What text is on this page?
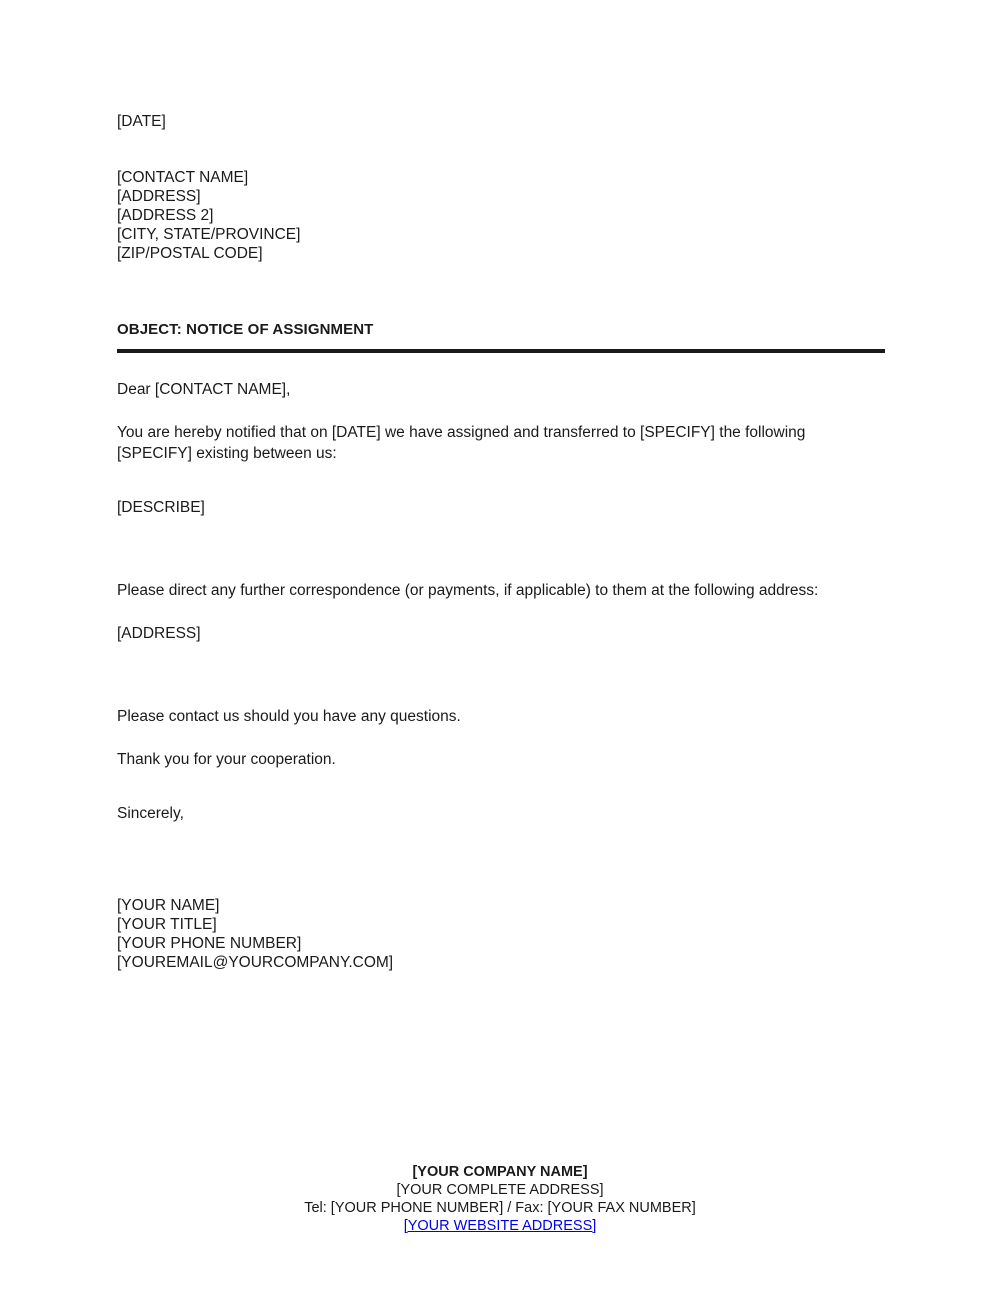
[DATE]
[CONTACT NAME]
[ADDRESS]
[ADDRESS 2]
[CITY, STATE/PROVINCE]
[ZIP/POSTAL CODE]
OBJECT: NOTICE OF ASSIGNMENT
Dear [CONTACT NAME],
You are hereby notified that on [DATE] we have assigned and transferred to [SPECIFY] the following [SPECIFY] existing between us:
[DESCRIBE]
Please direct any further correspondence (or payments, if applicable) to them at the following address:
[ADDRESS]
Please contact us should you have any questions.
Thank you for your cooperation.
Sincerely,
[YOUR NAME]
[YOUR TITLE]
[YOUR PHONE NUMBER]
[YOUREMAIL@YOURCOMPANY.COM]
[YOUR COMPANY NAME]
[YOUR COMPLETE ADDRESS]
Tel: [YOUR PHONE NUMBER] / Fax: [YOUR FAX NUMBER]
[YOUR WEBSITE ADDRESS]
